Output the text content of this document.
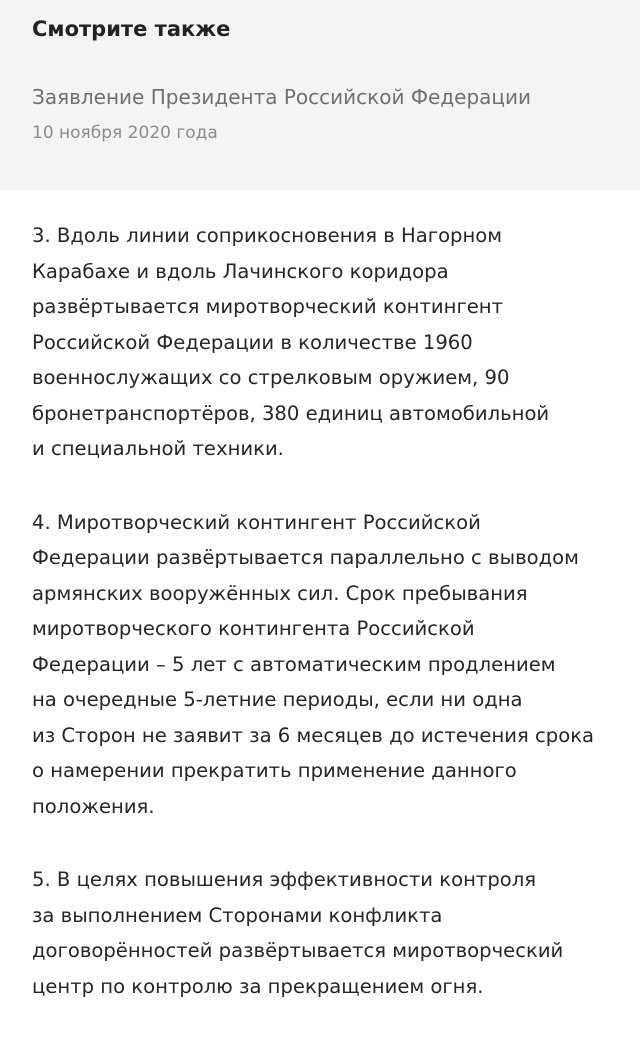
Смотрите также
Заявление Президента Российской Федерации
10 ноября 2020 года

3. Вдоль линии соприкосновения в Нагорном
Карабахе и вдоль Лачинского коридора
развёртывается миротворческий контингент
Российской Федерации в количестве 1960
военнослужащих со стрелковым оружием, 90
бронетранспортёров, 380 единиц автомобильной
и специальной техники.

4. Миротворческий контингент Российской
Федерации развёртывается параллельно с выводом
армянских вооружённых сил. Срок пребывания
миротворческого контингента Российской
Федерации – 5 лет с автоматическим продлением
на очередные 5-летние периоды, если ни одна
из Сторон не заявит за 6 месяцев до истечения срока
о намерении прекратить применение данного
положения.

5. В целях повышения эффективности контроля
за выполнением Сторонами конфликта
договорённостей развёртывается миротворческий
центр по контролю за прекращением огня.
